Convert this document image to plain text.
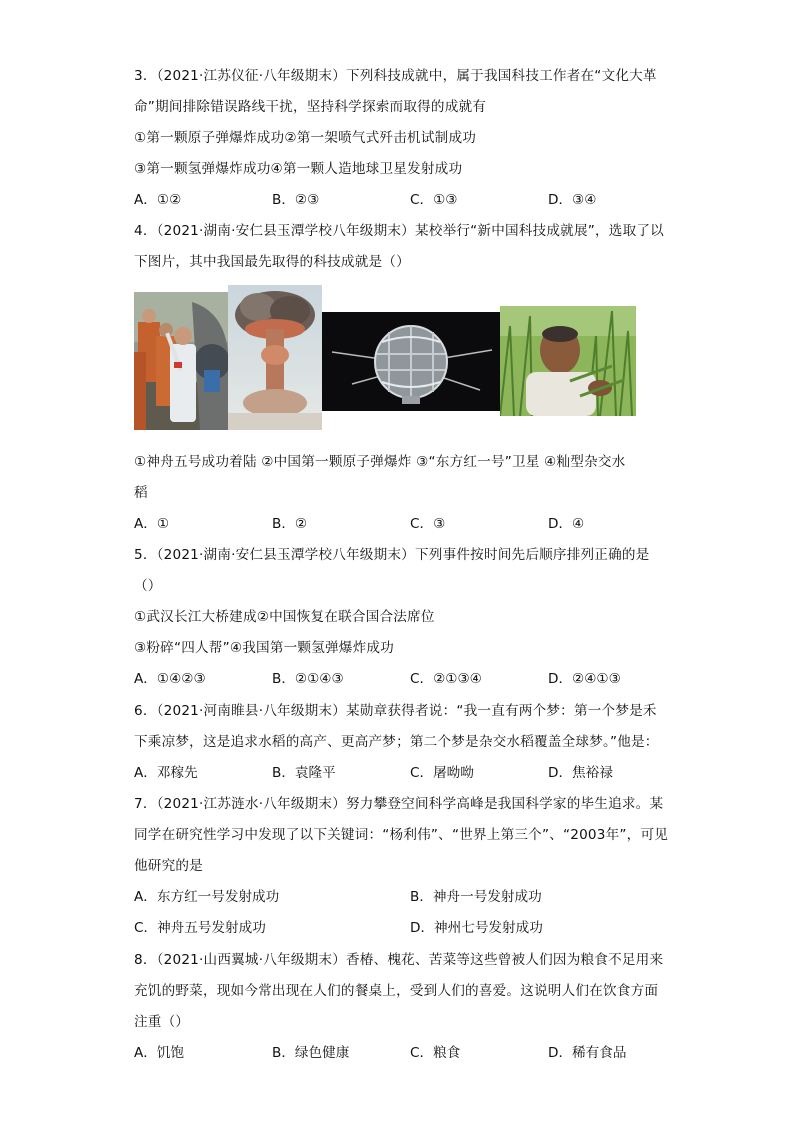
3．（2021·江苏仪征·八年级期末）下列科技成就中，属于我国科技工作者在“文化大革
命”期间排除错误路线干扰，坚持科学探索而取得的成就有
①第一颗原子弹爆炸成功②第一架喷气式歼击机试制成功
③第一颗氢弹爆炸成功④第一颗人造地球卫星发射成功
A．①②	B．②③	C．①③	D．③④
4．（2021·湖南·安仁县玉潭学校八年级期末）某校举行“新中国科技成就展”，选取了以
下图片，其中我国最先取得的科技成就是（）
①神舟五号成功着陆 ②中国第一颗原子弹爆炸 ③“东方红一号”卫星 ④籼型杂交水
稻
A．①	B．②	C．③	D．④
5．（2021·湖南·安仁县玉潭学校八年级期末）下列事件按时间先后顺序排列正确的是
（）
①武汉长江大桥建成②中国恢复在联合国合法席位
③粉碎“四人帮”④我国第一颗氢弹爆炸成功
A．①④②③	B．②①④③	C．②①③④	D．②④①③
6．（2021·河南睢县·八年级期末）某勋章获得者说：“我一直有两个梦：第一个梦是禾
下乘凉梦，这是追求水稻的高产、更高产梦；第二个梦是杂交水稻覆盖全球梦。”他是：
A．邓稼先	B．袁隆平	C．屠呦呦	D．焦裕禄
7．（2021·江苏涟水·八年级期末）努力攀登空间科学高峰是我国科学家的毕生追求。某
同学在研究性学习中发现了以下关键词：“杨利伟”、“世界上第三个”、“2003年”，可见
他研究的是
A．东方红一号发射成功	B．神舟一号发射成功
C．神舟五号发射成功	D．神州七号发射成功
8．（2021·山西翼城·八年级期末）香椿、槐花、苦菜等这些曾被人们因为粮食不足用来
充饥的野菜，现如今常出现在人们的餐桌上，受到人们的喜爱。这说明人们在饮食方面
注重（）
A．饥饱	B．绿色健康	C．粮食	D．稀有食品
